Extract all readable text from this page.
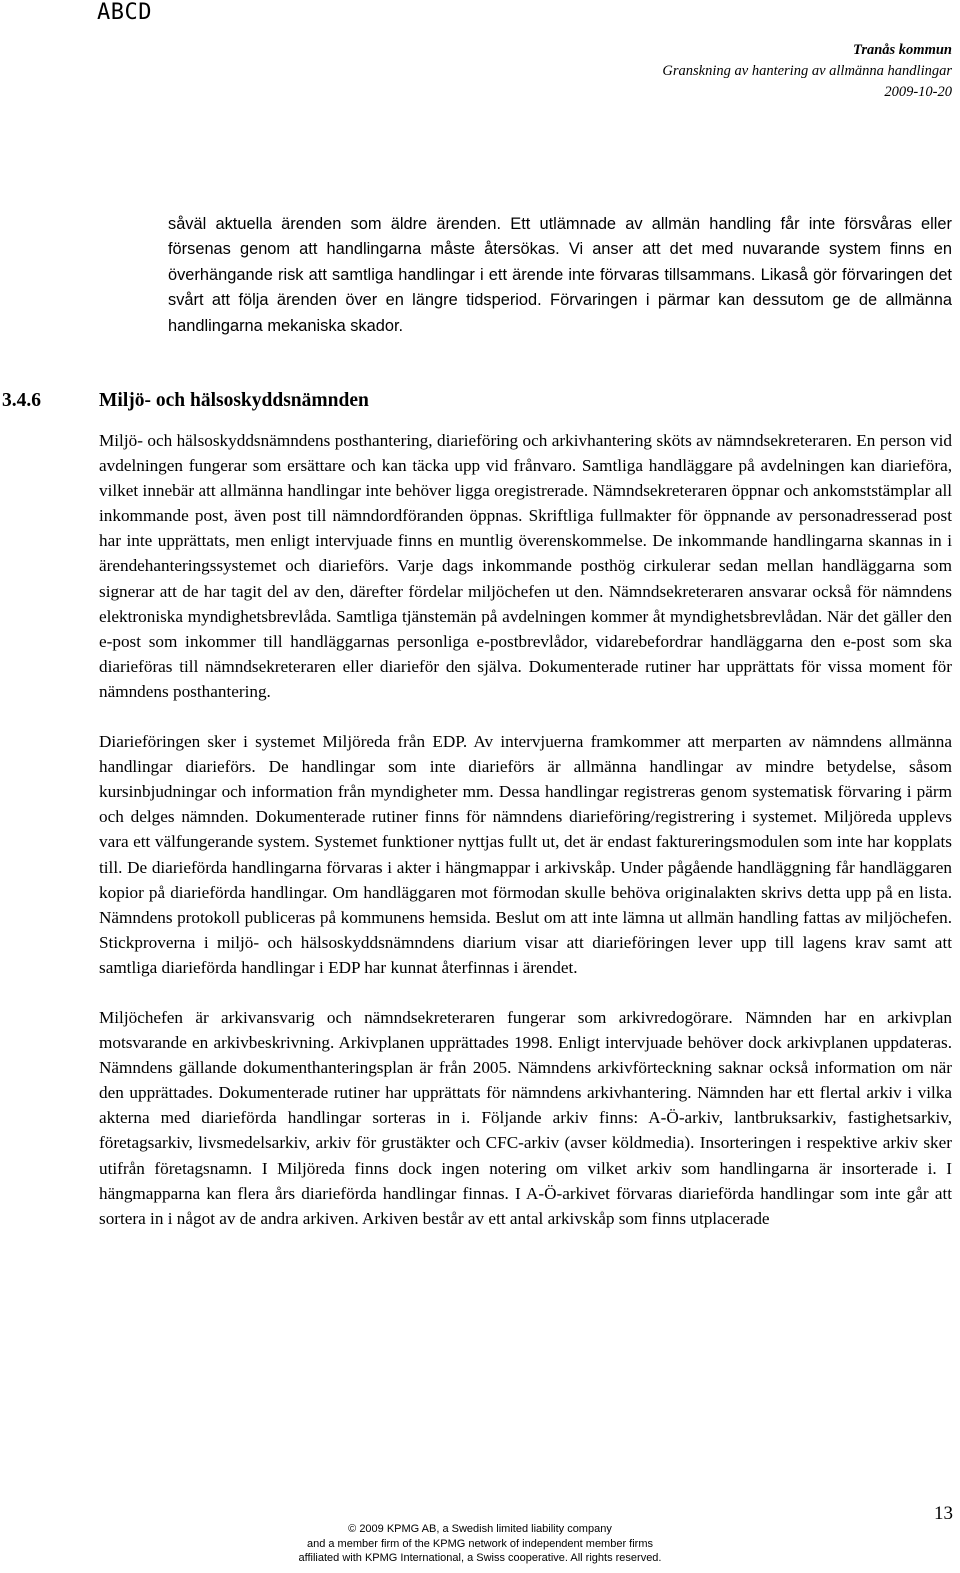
ABCD
Tranås kommun
Granskning av hantering av allmänna handlingar
2009-10-20

såväl aktuella ärenden som äldre ärenden. Ett utlämnade av allmän handling får inte försvåras eller försenas genom att handlingarna måste återsökas. Vi anser att det med nuvarande system finns en överhängande risk att samtliga handlingar i ett ärende inte förvaras tillsammans. Likaså gör förvaringen det svårt att följa ärenden över en längre tidsperiod. Förvaringen i pärmar kan dessutom ge de allmänna handlingarna mekaniska skador.

3.4.6	Miljö- och hälsoskyddsnämnden

Miljö- och hälsoskyddsnämndens posthantering, diarieföring och arkivhantering sköts av nämndsekreteraren. En person vid avdelningen fungerar som ersättare och kan täcka upp vid frånvaro. Samtliga handläggare på avdelningen kan diarieföra, vilket innebär att allmänna handlingar inte behöver ligga oregistrerade. Nämndsekreteraren öppnar och ankomststämplar all inkommande post, även post till nämndordföranden öppnas. Skriftliga fullmakter för öppnande av personadresserad post har inte upprättats, men enligt intervjuade finns en muntlig överenskommelse. De inkommande handlingarna skannas in i ärendehanteringssystemet och diarieförs. Varje dags inkommande posthög cirkulerar sedan mellan handläggarna som signerar att de har tagit del av den, därefter fördelar miljöchefen ut den. Nämndsekreteraren ansvarar också för nämndens elektroniska myndighetsbrevlåda. Samtliga tjänstemän på avdelningen kommer åt myndighetsbrevlådan. När det gäller den e-post som inkommer till handläggarnas personliga e-postbrevlådor, vidarebefordrar handläggarna den e-post som ska diarieföras till nämndsekreteraren eller diarieför den själva. Dokumenterade rutiner har upprättats för vissa moment för nämndens posthantering.

Diarieföringen sker i systemet Miljöreda från EDP. Av intervjuerna framkommer att merparten av nämndens allmänna handlingar diarieförs. De handlingar som inte diarieförs är allmänna handlingar av mindre betydelse, såsom kursinbjudningar och information från myndigheter mm. Dessa handlingar registreras genom systematisk förvaring i pärm och delges nämnden. Dokumenterade rutiner finns för nämndens diarieföring/registrering i systemet. Miljöreda upplevs vara ett välfungerande system. Systemet funktioner nyttjas fullt ut, det är endast faktureringsmodulen som inte har kopplats till. De diarieförda handlingarna förvaras i akter i hängmappar i arkivskåp. Under pågående handläggning får handläggaren kopior på diarieförda handlingar. Om handläggaren mot förmodan skulle behöva originalakten skrivs detta upp på en lista. Nämndens protokoll publiceras på kommunens hemsida. Beslut om att inte lämna ut allmän handling fattas av miljöchefen. Stickproverna i miljö- och hälsoskyddsnämndens diarium visar att diarieföringen lever upp till lagens krav samt att samtliga diarieförda handlingar i EDP har kunnat återfinnas i ärendet.

Miljöchefen är arkivansvarig och nämndsekreteraren fungerar som arkivredogörare. Nämnden har en arkivplan motsvarande en arkivbeskrivning. Arkivplanen upprättades 1998. Enligt intervjuade behöver dock arkivplanen uppdateras. Nämndens gällande dokumenthanteringsplan är från 2005. Nämndens arkivförteckning saknar också information om när den upprättades. Dokumenterade rutiner har upprättats för nämndens arkivhantering. Nämnden har ett flertal arkiv i vilka akterna med diarieförda handlingar sorteras in i. Följande arkiv finns: A-Ö-arkiv, lantbruksarkiv, fastighetsarkiv, företagsarkiv, livsmedelsarkiv, arkiv för grustäkter och CFC-arkiv (avser köldmedia). Insorteringen i respektive arkiv sker utifrån företagsnamn. I Miljöreda finns dock ingen notering om vilket arkiv som handlingarna är insorterade i. I hängmapparna kan flera års diarieförda handlingar finnas. I A-Ö-arkivet förvaras diarieförda handlingar som inte går att sortera in i något av de andra arkiven. Arkiven består av ett antal arkivskåp som finns utplacerade

© 2009 KPMG AB, a Swedish limited liability company
and a member firm of the KPMG network of independent member firms
affiliated with KPMG International, a Swiss cooperative. All rights reserved.
13
